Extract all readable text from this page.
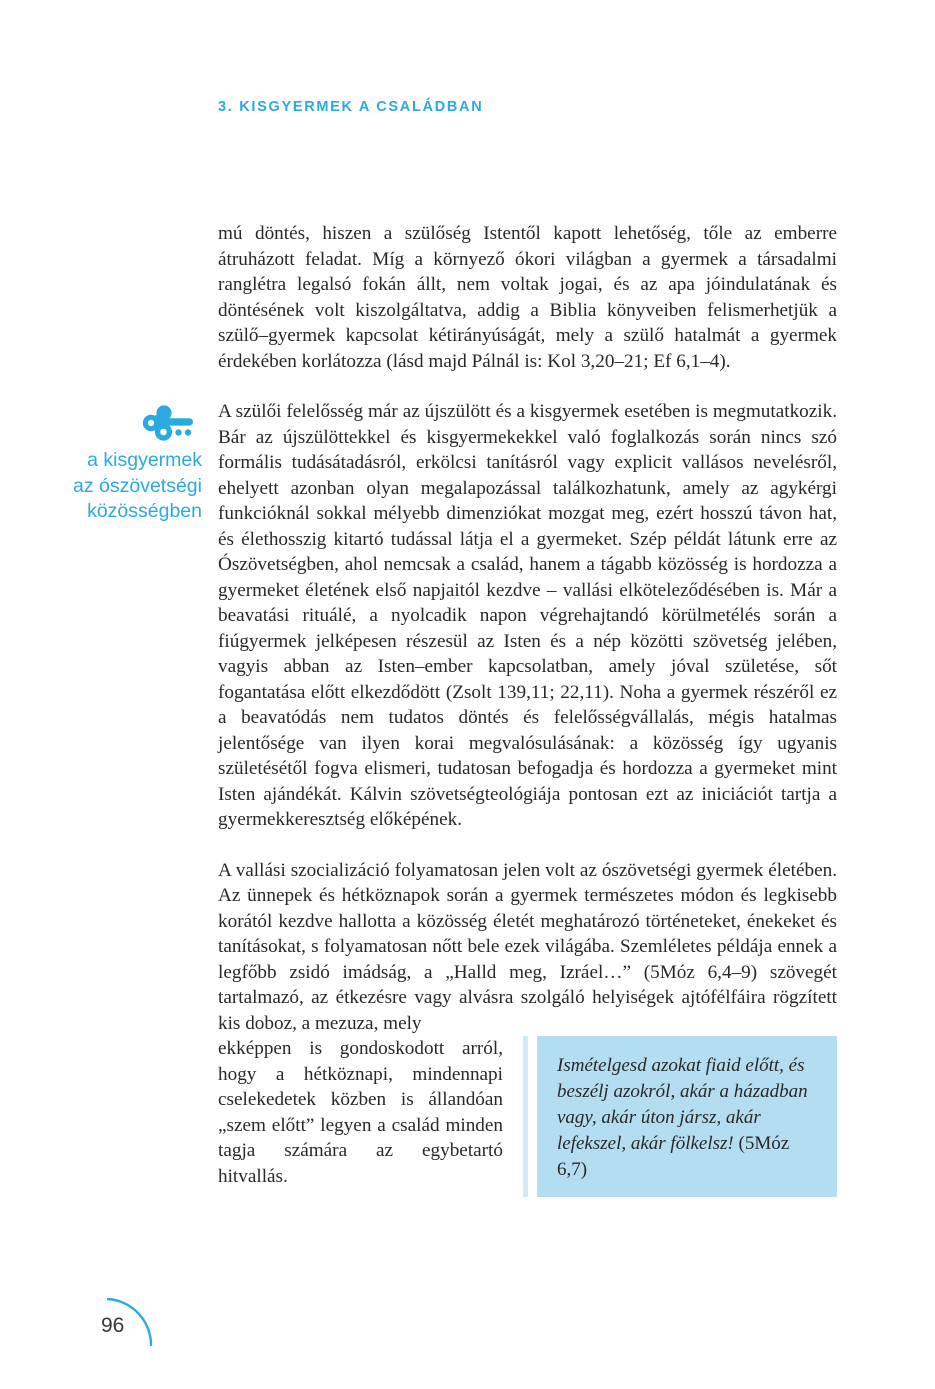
3. KISGYERMEK A CSALÁDBAN
a kisgyermek
az ószövetségi
közösségben

mú döntés, hiszen a szülőség Istentől kapott lehetőség, tőle az emberre átruházott feladat. Míg a környező ókori világban a gyermek a társadalmi ranglétra legalsó fokán állt, nem voltak jogai, és az apa jóindulatának és döntésének volt kiszolgáltatva, addig a Biblia könyveiben felismerhetjük a szülő–gyermek kapcsolat kétirányúságát, mely a szülő hatalmát a gyermek érdekében korlátozza (lásd majd Pálnál is: Kol 3,20–21; Ef 6,1–4).

A szülői felelősség már az újszülött és a kisgyermek esetében is megmutatkozik. Bár az újszülöttekkel és kisgyermekekkel való foglalkozás során nincs szó formális tudásátadásról, erkölcsi tanításról vagy explicit vallásos nevelésről, ehelyett azonban olyan megalapozással találkozhatunk, amely az agykérgi funkcióknál sokkal mélyebb dimenziókat mozgat meg, ezért hosszú távon hat, és élethosszig kitartó tudással látja el a gyermeket. Szép példát látunk erre az Ószövetségben, ahol nemcsak a család, hanem a tágabb közösség is hordozza a gyermeket életének első napjaitól kezdve – vallási elköteleződésében is. Már a beavatási rituálé, a nyolcadik napon végrehajtandó körülmetélés során a fiúgyermek jelképesen részesül az Isten és a nép közötti szövetség jelében, vagyis abban az Isten–ember kapcsolatban, amely jóval születése, sőt fogantatása előtt elkezdődött (Zsolt 139,11; 22,11). Noha a gyermek részéről ez a beavatódás nem tudatos döntés és felelősségvállalás, mégis hatalmas jelentősége van ilyen korai megvalósulásának: a közösség így ugyanis születésétől fogva elismeri, tudatosan befogadja és hordozza a gyermeket mint Isten ajándékát. Kálvin szövetségteológiája pontosan ezt az iniciációt tartja a gyermekkeresztség előképének.

A vallási szocializáció folyamatosan jelen volt az ószövetségi gyermek életében. Az ünnepek és hétköznapok során a gyermek természetes módon és legkisebb korától kezdve hallotta a közösség életét meghatározó történeteket, énekeket és tanításokat, s folyamatosan nőtt bele ezek világába. Szemléletes példája ennek a legfőbb zsidó imádság, a „Halld meg, Izráel…” (5Móz 6,4–9) szövegét tartalmazó, az étkezésre vagy alvásra szolgáló helyiségek ajtófélfáira rögzített kis doboz, a mezuza, mely

ekképpen is gondoskodott arról, hogy a hétköznapi, mindennapi cselekedetek közben is állandóan „szem előtt” legyen a család minden tagja számára az egybetartó hitvallás.
Ismételgesd azokat fiaid előtt, és beszélj azokról, akár a házadban vagy, akár úton jársz, akár lefekszel, akár fölkelsz! (5Móz 6,7)
96
